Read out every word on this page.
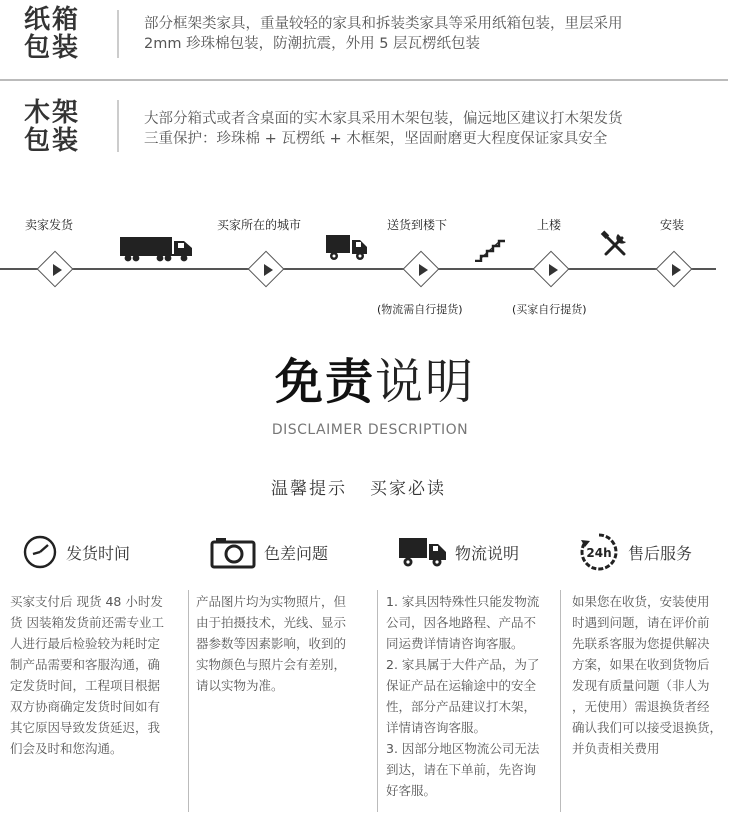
纸箱
包装
部分框架类家具，重量较轻的家具和拆装类家具等采用纸箱包装，里层采用
2mm 珍珠棉包装，防潮抗震，外用 5 层瓦楞纸包装
木架
包装
大部分箱式或者含桌面的实木家具采用木架包装，偏远地区建议打木架发货
三重保护：珍珠棉 + 瓦楞纸 + 木框架，坚固耐磨更大程度保证家具安全
卖家发货	买家所在的城市	送货到楼下	上楼	安装
(物流需自行提货)	(买家自行提货)
免责说明
DISCLAIMER DESCRIPTION
温馨提示 买家必读
发货时间	色差问题	物流说明	24h 售后服务

买家支付后 现货 48 小时发

货 因装箱发货前还需专业工

人进行最后检验较为耗时定

制产品需要和客服沟通，确

定发货时间，工程项目根据

双方协商确定发货时间如有

其它原因导致发货延迟，我

们会及时和您沟通。

产品图片均为实物照片，但

由于拍摄技术，光线、显示

器参数等因素影响，收到的

实物颜色与照片会有差别，

请以实物为准。

1. 家具因特殊性只能发物流

公司，因各地路程、产品不

同运费详情请咨询客服。

2. 家具属于大件产品，为了

保证产品在运输途中的安全

性，部分产品建议打木架，

详情请咨询客服。

3. 因部分地区物流公司无法

到达，请在下单前，先咨询

好客服。

如果您在收货，安装使用

时遇到问题，请在评价前

先联系客服为您提供解决

方案，如果在收到货物后

发现有质量问题（非人为

，无使用）需退换货者经

确认我们可以接受退换货，

并负责相关费用
